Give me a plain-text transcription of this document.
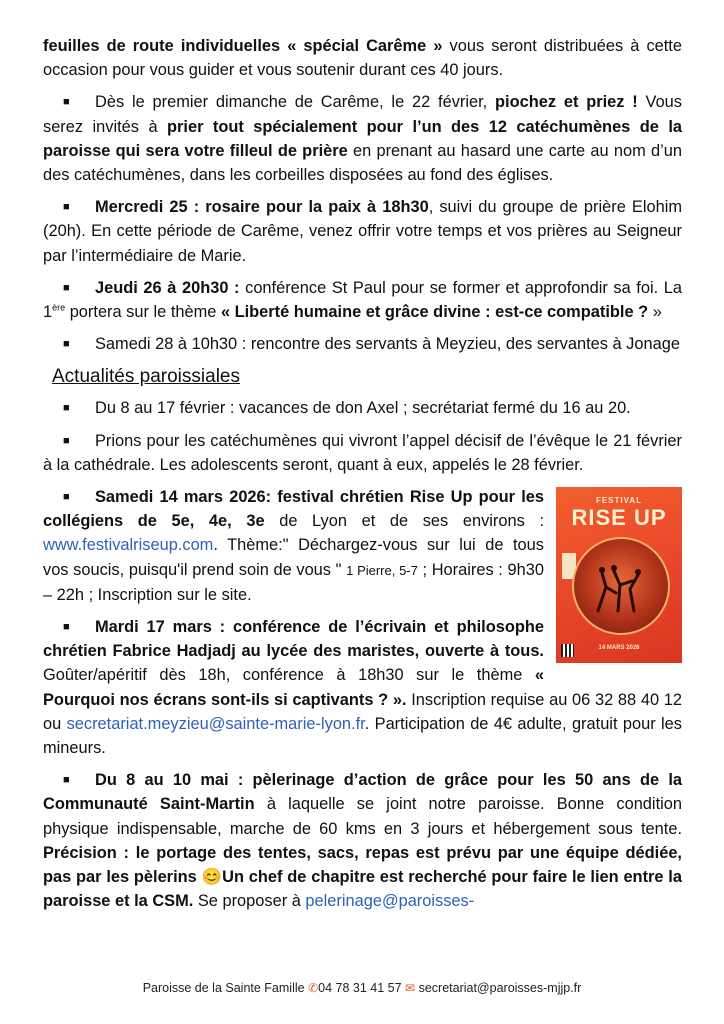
feuilles de route individuelles « spécial Carême » vous seront distribuées à cette occasion pour vous guider et vous soutenir durant ces 40 jours.

■ Dès le premier dimanche de Carême, le 22 février, piochez et priez ! Vous serez invités à prier tout spécialement pour l’un des 12 catéchumènes de la paroisse qui sera votre filleul de prière en prenant au hasard une carte au nom d’un des catéchumènes, dans les corbeilles disposées au fond des églises.

■ Mercredi 25 : rosaire pour la paix à 18h30, suivi du groupe de prière Elohim (20h). En cette période de Carême, venez offrir votre temps et vos prières au Seigneur par l’intermédiaire de Marie.

■ Jeudi 26 à 20h30 : conférence St Paul pour se former et approfondir sa foi. La 1ère portera sur le thème « Liberté humaine et grâce divine : est-ce compatible ? »

■ Samedi 28 à 10h30 : rencontre des servants à Meyzieu, des servantes à Jonage

Actualités paroissiales

■ Du 8 au 17 février : vacances de don Axel ; secrétariat fermé du 16 au 20.

■ Prions pour les catéchumènes qui vivront l’appel décisif de l’évêque le 21 février à la cathédrale. Les adolescents seront, quant à eux, appelés le 28 février.

FESTIVAL
RISE UP
14 MARS 2026

■ Samedi 14 mars 2026: festival chrétien Rise Up pour les collégiens de 5e, 4e, 3e de Lyon et de ses environs : www.festivalriseup.com. Thème:" Déchargez-vous sur lui de tous vos soucis, puisqu'il prend soin de vous " 1 Pierre, 5-7 ; Horaires : 9h30 – 22h ; Inscription sur le site.

■ Mardi 17 mars : conférence de l’écrivain et philosophe chrétien Fabrice Hadjadj au lycée des maristes, ouverte à tous. Goûter/apéritif dès 18h, conférence à 18h30 sur le thème « Pourquoi nos écrans sont-ils si captivants ? ». Inscription requise au 06 32 88 40 12 ou secretariat.meyzieu@sainte-marie-lyon.fr. Participation de 4€ adulte, gratuit pour les mineurs.

■ Du 8 au 10 mai : pèlerinage d’action de grâce pour les 50 ans de la Communauté Saint-Martin à laquelle se joint notre paroisse. Bonne condition physique indispensable, marche de 60 kms en 3 jours et hébergement sous tente. Précision : le portage des tentes, sacs, repas est prévu par une équipe dédiée, pas par les pèlerins 😊Un chef de chapitre est recherché pour faire le lien entre la paroisse et la CSM. Se proposer à pelerinage@paroisses-

Paroisse de la Sainte Famille ✆04 78 31 41 57 ✉ secretariat@paroisses-mjjp.fr
